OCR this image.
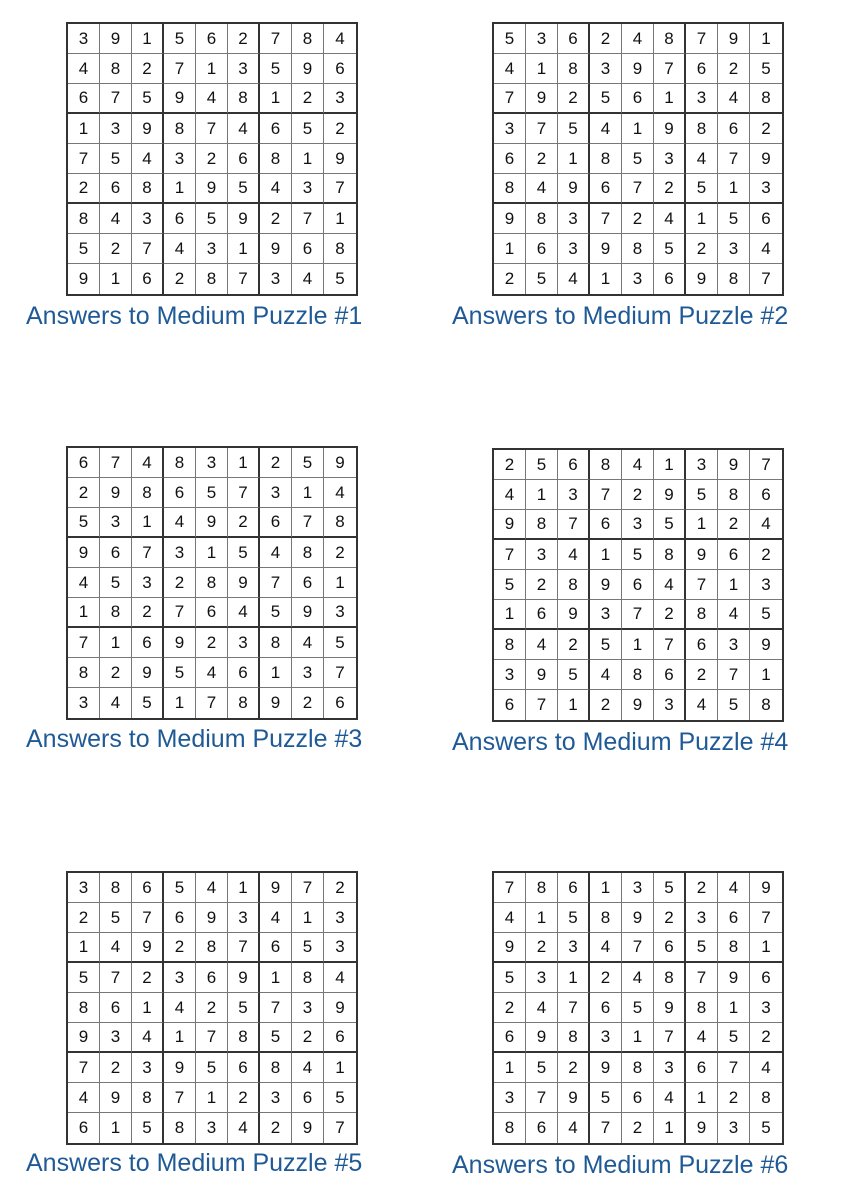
3	9	1	5	6	2	7	8	4
4	8	2	7	1	3	5	9	6
6	7	5	9	4	8	1	2	3
1	3	9	8	7	4	6	5	2
7	5	4	3	2	6	8	1	9
2	6	8	1	9	5	4	3	7
8	4	3	6	5	9	2	7	1
5	2	7	4	3	1	9	6	8
9	1	6	2	8	7	3	4	5
Answers to Medium Puzzle #1
5	3	6	2	4	8	7	9	1
4	1	8	3	9	7	6	2	5
7	9	2	5	6	1	3	4	8
3	7	5	4	1	9	8	6	2
6	2	1	8	5	3	4	7	9
8	4	9	6	7	2	5	1	3
9	8	3	7	2	4	1	5	6
1	6	3	9	8	5	2	3	4
2	5	4	1	3	6	9	8	7
Answers to Medium Puzzle #2
6	7	4	8	3	1	2	5	9
2	9	8	6	5	7	3	1	4
5	3	1	4	9	2	6	7	8
9	6	7	3	1	5	4	8	2
4	5	3	2	8	9	7	6	1
1	8	2	7	6	4	5	9	3
7	1	6	9	2	3	8	4	5
8	2	9	5	4	6	1	3	7
3	4	5	1	7	8	9	2	6
Answers to Medium Puzzle #3
2	5	6	8	4	1	3	9	7
4	1	3	7	2	9	5	8	6
9	8	7	6	3	5	1	2	4
7	3	4	1	5	8	9	6	2
5	2	8	9	6	4	7	1	3
1	6	9	3	7	2	8	4	5
8	4	2	5	1	7	6	3	9
3	9	5	4	8	6	2	7	1
6	7	1	2	9	3	4	5	8
Answers to Medium Puzzle #4
3	8	6	5	4	1	9	7	2
2	5	7	6	9	3	4	1	3
1	4	9	2	8	7	6	5	3
5	7	2	3	6	9	1	8	4
8	6	1	4	2	5	7	3	9
9	3	4	1	7	8	5	2	6
7	2	3	9	5	6	8	4	1
4	9	8	7	1	2	3	6	5
6	1	5	8	3	4	2	9	7
Answers to Medium Puzzle #5
7	8	6	1	3	5	2	4	9
4	1	5	8	9	2	3	6	7
9	2	3	4	7	6	5	8	1
5	3	1	2	4	8	7	9	6
2	4	7	6	5	9	8	1	3
6	9	8	3	1	7	4	5	2
1	5	2	9	8	3	6	7	4
3	7	9	5	6	4	1	2	8
8	6	4	7	2	1	9	3	5
Answers to Medium Puzzle #6
